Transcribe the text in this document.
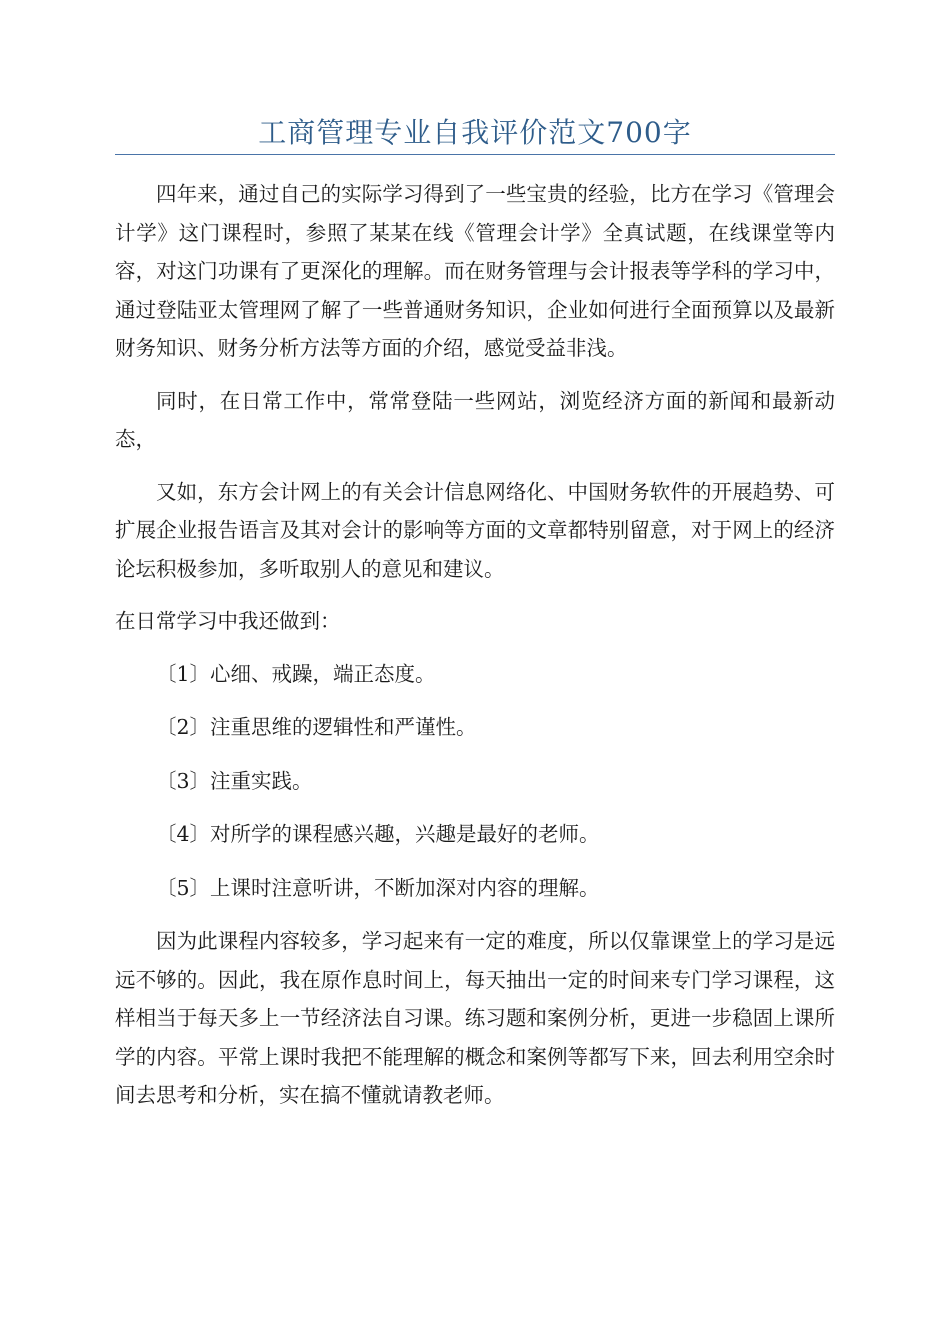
工商管理专业自我评价范文700字

四年来，通过自己的实际学习得到了一些宝贵的经验，比方在学习《管理会计学》这门课程时，参照了某某在线《管理会计学》全真试题，在线课堂等内容，对这门功课有了更深化的理解。而在财务管理与会计报表等学科的学习中，通过登陆亚太管理网了解了一些普通财务知识，企业如何进行全面预算以及最新财务知识、财务分析方法等方面的介绍，感觉受益非浅。

同时，在日常工作中，常常登陆一些网站，浏览经济方面的新闻和最新动态，

又如，东方会计网上的有关会计信息网络化、中国财务软件的开展趋势、可扩展企业报告语言及其对会计的影响等方面的文章都特别留意，对于网上的经济论坛积极参加，多听取别人的意见和建议。

在日常学习中我还做到：

〔1〕心细、戒躁，端正态度。

〔2〕注重思维的逻辑性和严谨性。

〔3〕注重实践。

〔4〕对所学的课程感兴趣，兴趣是最好的老师。

〔5〕上课时注意听讲，不断加深对内容的理解。

因为此课程内容较多，学习起来有一定的难度，所以仅靠课堂上的学习是远远不够的。因此，我在原作息时间上，每天抽出一定的时间来专门学习课程，这样相当于每天多上一节经济法自习课。练习题和案例分析，更进一步稳固上课所学的内容。平常上课时我把不能理解的概念和案例等都写下来，回去利用空余时间去思考和分析，实在搞不懂就请教老师。
